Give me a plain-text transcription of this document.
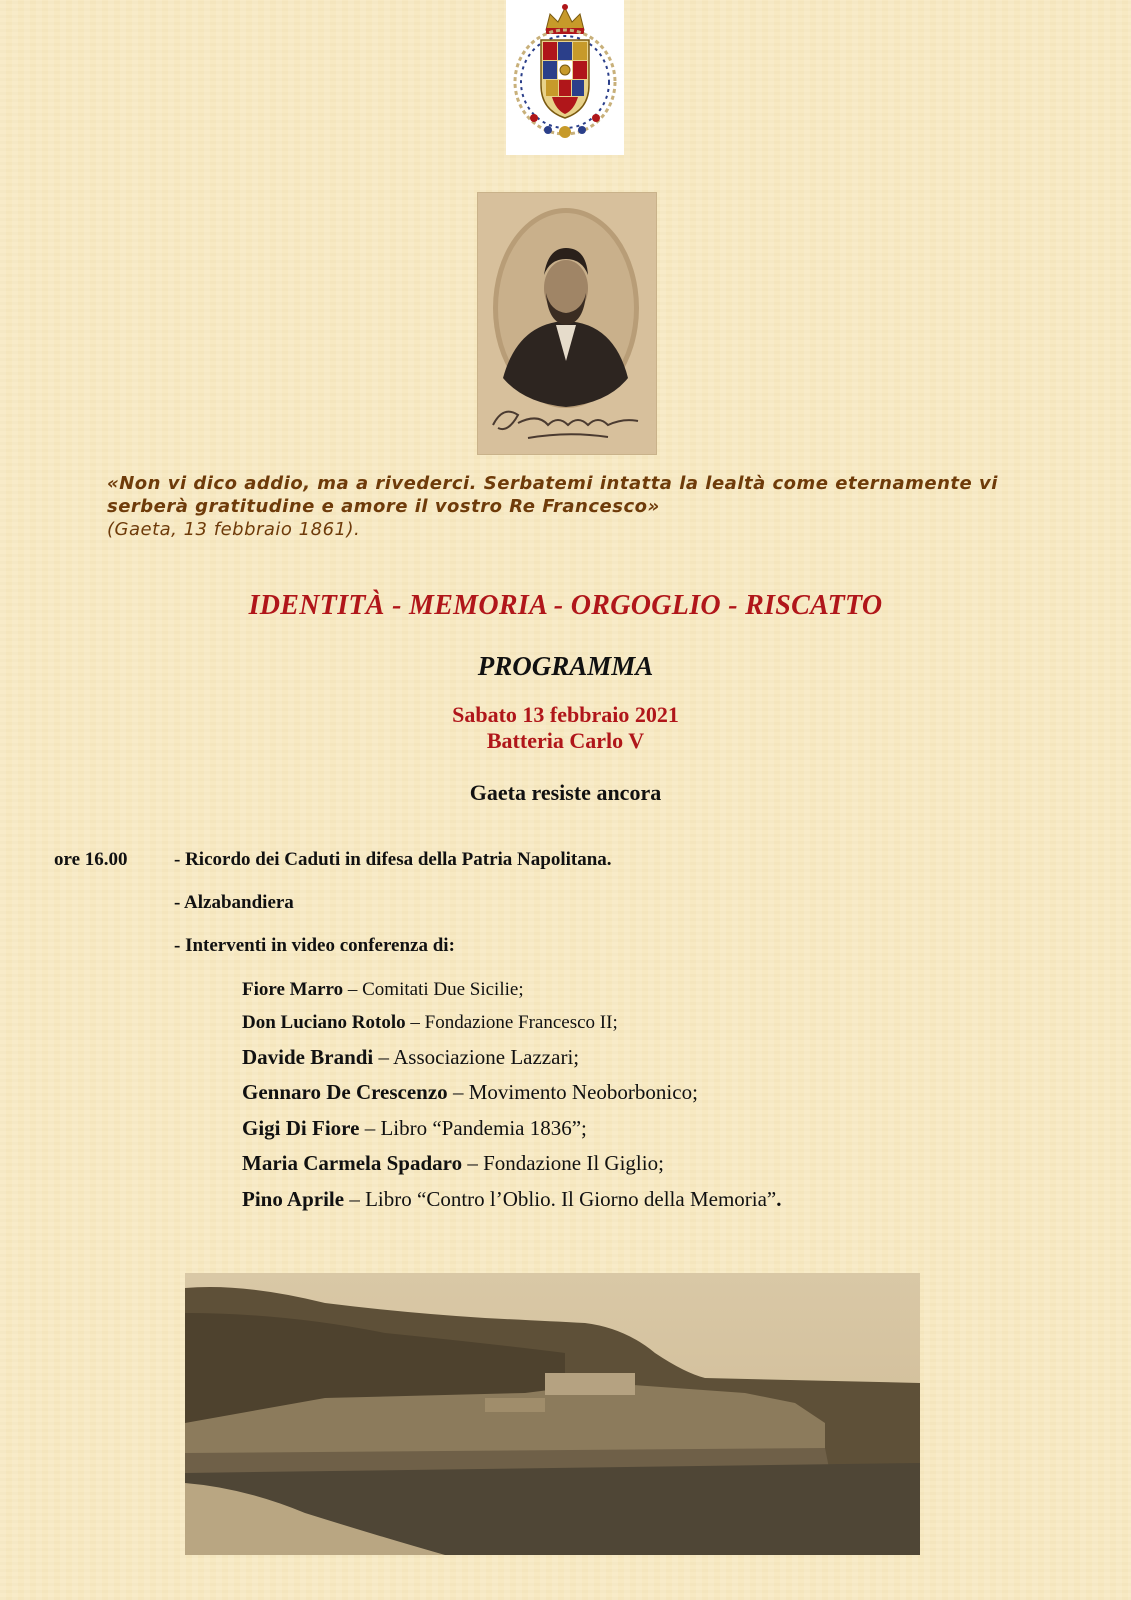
«Non vi dico addio, ma a rivederci. Serbatemi intatta la lealtà come eternamente vi
serberà gratitudine e amore il vostro Re Francesco»
(Gaeta, 13 febbraio 1861).
IDENTITÀ - MEMORIA - ORGOGLIO - RISCATTO
PROGRAMMA
Sabato 13 febbraio 2021
Batteria Carlo V
Gaeta resiste ancora
ore 16.00 - Ricordo dei Caduti in difesa della Patria Napolitana.
- Alzabandiera
- Interventi in video conferenza di:
Fiore Marro – Comitati Due Sicilie;
Don Luciano Rotolo – Fondazione Francesco II;
Davide Brandi – Associazione Lazzari;
Gennaro De Crescenzo – Movimento Neoborbonico;
Gigi Di Fiore – Libro “Pandemia 1836”;
Maria Carmela Spadaro – Fondazione Il Giglio;
Pino Aprile – Libro “Contro l’Oblio. Il Giorno della Memoria”.
